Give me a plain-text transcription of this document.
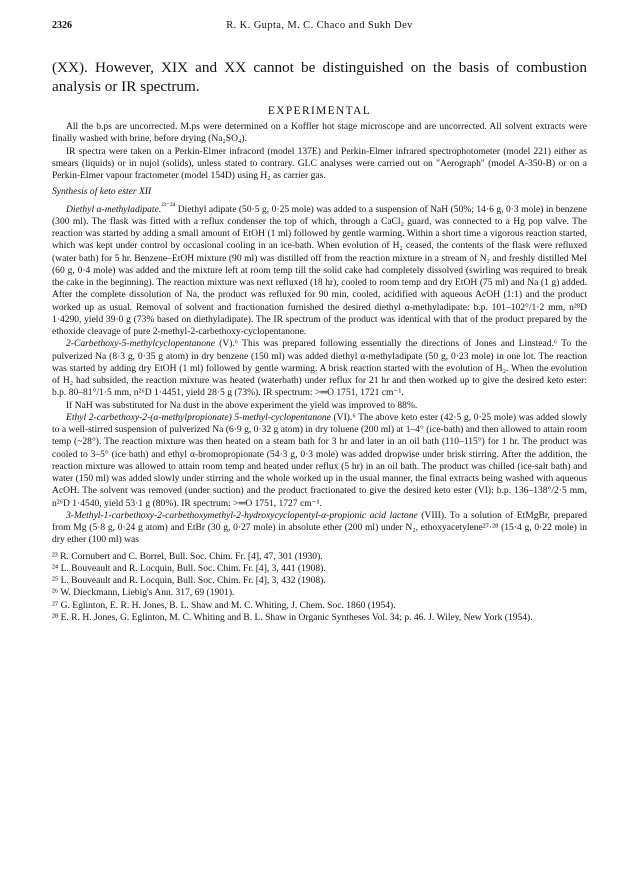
2326	R. K. Gupta, M. C. Chaco and Sukh Dev

(XX). However, XIX and XX cannot be distinguished on the basis of combustion analysis or IR spectrum.

EXPERIMENTAL

All the b.ps are uncorrected. M.ps were determined on a Koffler hot stage microscope and are uncorrected. All solvent extracts were finally washed with brine, before drying (Na₂SO₄).

IR spectra were taken on a Perkin-Elmer infracord (model 137E) and Perkin-Elmer infrared spectrophotometer (model 221) either as smears (liquids) or in nujol (solids), unless stated to contrary. GLC analyses were carried out on "Aerograph" (model A-350-B) or on a Perkin-Elmer vapour fractometer (model 154D) using H₂ as carrier gas.

Synthesis of keto ester XII

Diethyl α-methyladipate.$^{^{23-24}}$ Diethyl adipate (50·5 g, 0·25 mole) was added to a suspension of NaH (50%; 14·6 g, 0·3 mole) in benzene (300 ml). The flask was fitted with a reflux condenser the top of which, through a CaCl₂ guard, was connected to a Hg pop valve. The reaction was started by adding a small amount of EtOH (1 ml) followed by gentle warming. Within a short time a vigorous reaction started, which was kept under control by occasional cooling in an ice-bath. When evolution of H₂ ceased, the contents of the flask were refluxed (water bath) for 5 hr. Benzene–EtOH mixture (90 ml) was distilled off from the reaction mixture in a stream of N₂ and freshly distilled MeI (60 g, 0·4 mole) was added and the mixture left at room temp till the solid cake had completely dissolved (swirling was required to break the cake in the beginning). The reaction mixture was next refluxed (18 hr), cooled to room temp and dry EtOH (75 ml) and Na (1 g) added. After the complete dissolution of Na, the product was refluxed for 90 min, cooled, acidified with aqueous AcOH (1:1) and the product worked up as usual. Removal of solvent and fractionation furnished the desired diethyl α-methyladipate: b.p. 101–102°/1·2 mm, n²⁸D 1·4290, yield 39·0 g (73% based on diethyladipate). The IR spectrum of the product was identical with that of the product prepared by the ethoxide cleavage of pure 2-methyl-2-carbethoxy-cyclopentanone.

2-Carbethoxy-5-methylcyclopentanone (V).⁶ This was prepared following essentially the directions of Jones and Linstead.⁶ To the pulverized Na (8·3 g, 0·35 g atom) in dry benzene (150 ml) was added diethyl α-methyladipate (50 g, 0·23 mole) in one lot. The reaction was started by adding dry EtOH (1 ml) followed by gentle warming. A brisk reaction started with the evolution of H₂. When the evolution of H₂ had subsided, the reaction mixture was heated (waterbath) under reflux for 21 hr and then worked up to give the desired keto ester: b.p. 80–81°/1·5 mm, n²⁶D 1·4451, yield 28·5 g (73%). IR spectrum: >═O 1751, 1721 cm⁻¹.

If NaH was substituted for Na dust in the above experiment the yield was improved to 88%.

Ethyl 2-carbethoxy-2-(α-methylpropionate) 5-methyl-cyclopentanone (VI).⁶ The above keto ester (42·5 g, 0·25 mole) was added slowly to a well-stirred suspension of pulverized Na (6·9 g, 0·32 g atom) in dry toluene (200 ml) at 1–4° (ice-bath) and then allowed to attain room temp (~28°). The reaction mixture was then heated on a steam bath for 3 hr and later in an oil bath (110–115°) for 1 hr. The product was cooled to 3–5° (ice bath) and ethyl α-bromopropionate (54·3 g, 0·3 mole) was added dropwise under brisk stirring. After the addition, the reaction mixture was allowed to attain room temp and heated under reflux (5 hr) in an oil bath. The product was chilled (ice-salt bath) and water (150 ml) was added slowly under stirring and the whole worked up in the usual manner, the final extracts being washed with aqueous AcOH. The solvent was removed (under suction) and the product fractionated to give the desired keto ester (VI): b.p. 136–138°/2·5 mm, n²⁶D 1·4540, yield 53·1 g (80%). IR spectrum: >═O 1751, 1727 cm⁻¹.

3-Methyl-1-carbethoxy-2-carbethoxymethyl-2-hydroxycyclopentyl-α-propionic acid lactone (VIII). To a solution of EtMgBr, prepared from Mg (5·8 g, 0·24 g atom) and EtBr (30 g, 0·27 mole) in absolute ether (200 ml) under N₂, ethoxyacetylene²⁷·²⁸ (15·4 g, 0·22 mole) in dry ether (100 ml) was

²³ R. Cornubert and C. Borrel, Bull. Soc. Chim. Fr. [4], 47, 301 (1930).
²⁴ L. Bouveault and R. Locquin, Bull. Soc. Chim. Fr. [4], 3, 441 (1908).
²⁵ L. Bouveault and R. Locquin, Bull. Soc. Chim. Fr. [4], 3, 432 (1908).
²⁶ W. Dieckmann, Liebig's Ann. 317, 69 (1901).
²⁷ G. Eglinton, E. R. H. Jones, B. L. Shaw and M. C. Whiting, J. Chem. Soc. 1860 (1954).
²⁸ E. R. H. Jones, G. Eglinton, M. C. Whiting and B. L. Shaw in Organic Syntheses Vol. 34; p. 46. J. Wiley, New York (1954).
